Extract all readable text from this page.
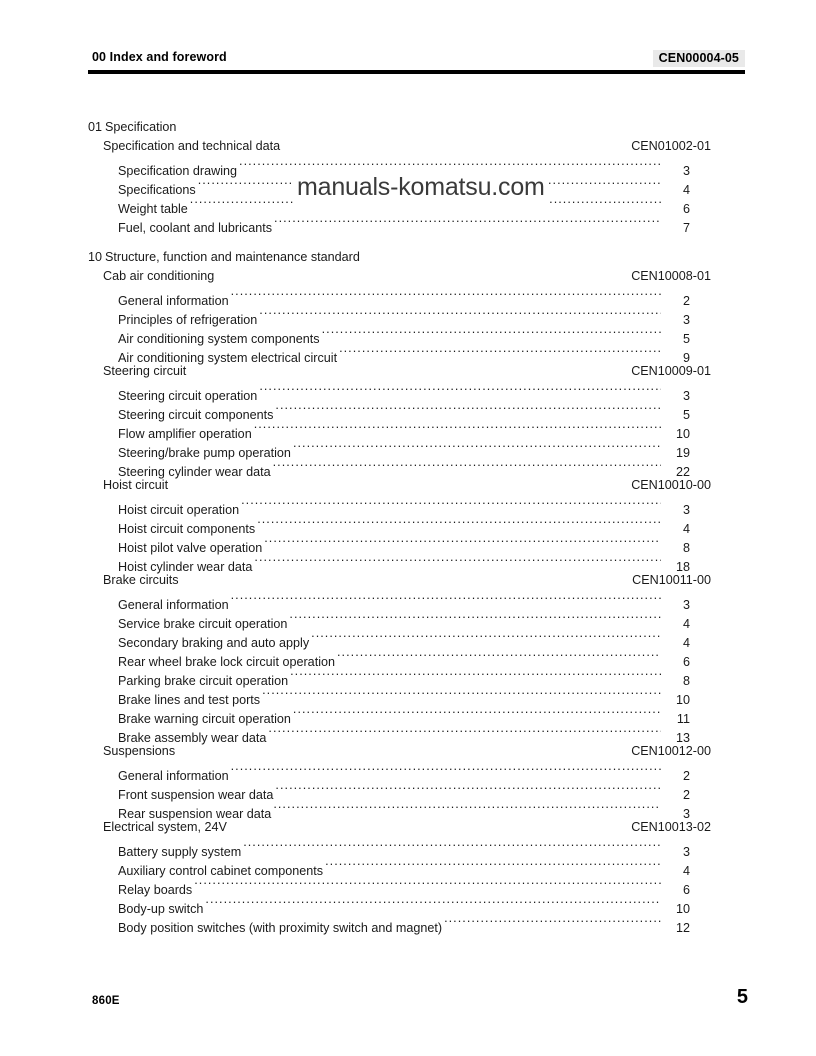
00 Index and foreword	CEN00004-05
01Specification
Specification and technical data	CEN01002-01
Specification drawing .....	3
Specifications .....	4
Weight table .....	6
Fuel, coolant and lubricants .....	7
10Structure, function and maintenance standard
Cab air conditioning	CEN10008-01
General information .....	2
Principles of refrigeration .....	3
Air conditioning system components .....	5
Air conditioning system electrical circuit .....	9
Steering circuit	CEN10009-01
Steering circuit operation .....	3
Steering circuit components .....	5
Flow amplifier operation .....	10
Steering/brake pump operation .....	19
Steering cylinder wear data .....	22
Hoist circuit	CEN10010-00
Hoist circuit operation .....	3
Hoist circuit components .....	4
Hoist pilot valve operation .....	8
Hoist cylinder wear data .....	18
Brake circuits	CEN10011-00
General information .....	3
Service brake circuit operation .....	4
Secondary braking and auto apply .....	4
Rear wheel brake lock circuit operation .....	6
Parking brake circuit operation .....	8
Brake lines and test ports .....	10
Brake warning circuit operation .....	11
Brake assembly wear data .....	13
Suspensions	CEN10012-00
General information .....	2
Front suspension wear data .....	2
Rear suspension wear data .....	3
Electrical system, 24V	CEN10013-02
Battery supply system .....	3
Auxiliary control cabinet components .....	4
Relay boards .....	6
Body-up switch .....	10
Body position switches (with proximity switch and magnet) .....	12
manuals-komatsu.com
860E	5
